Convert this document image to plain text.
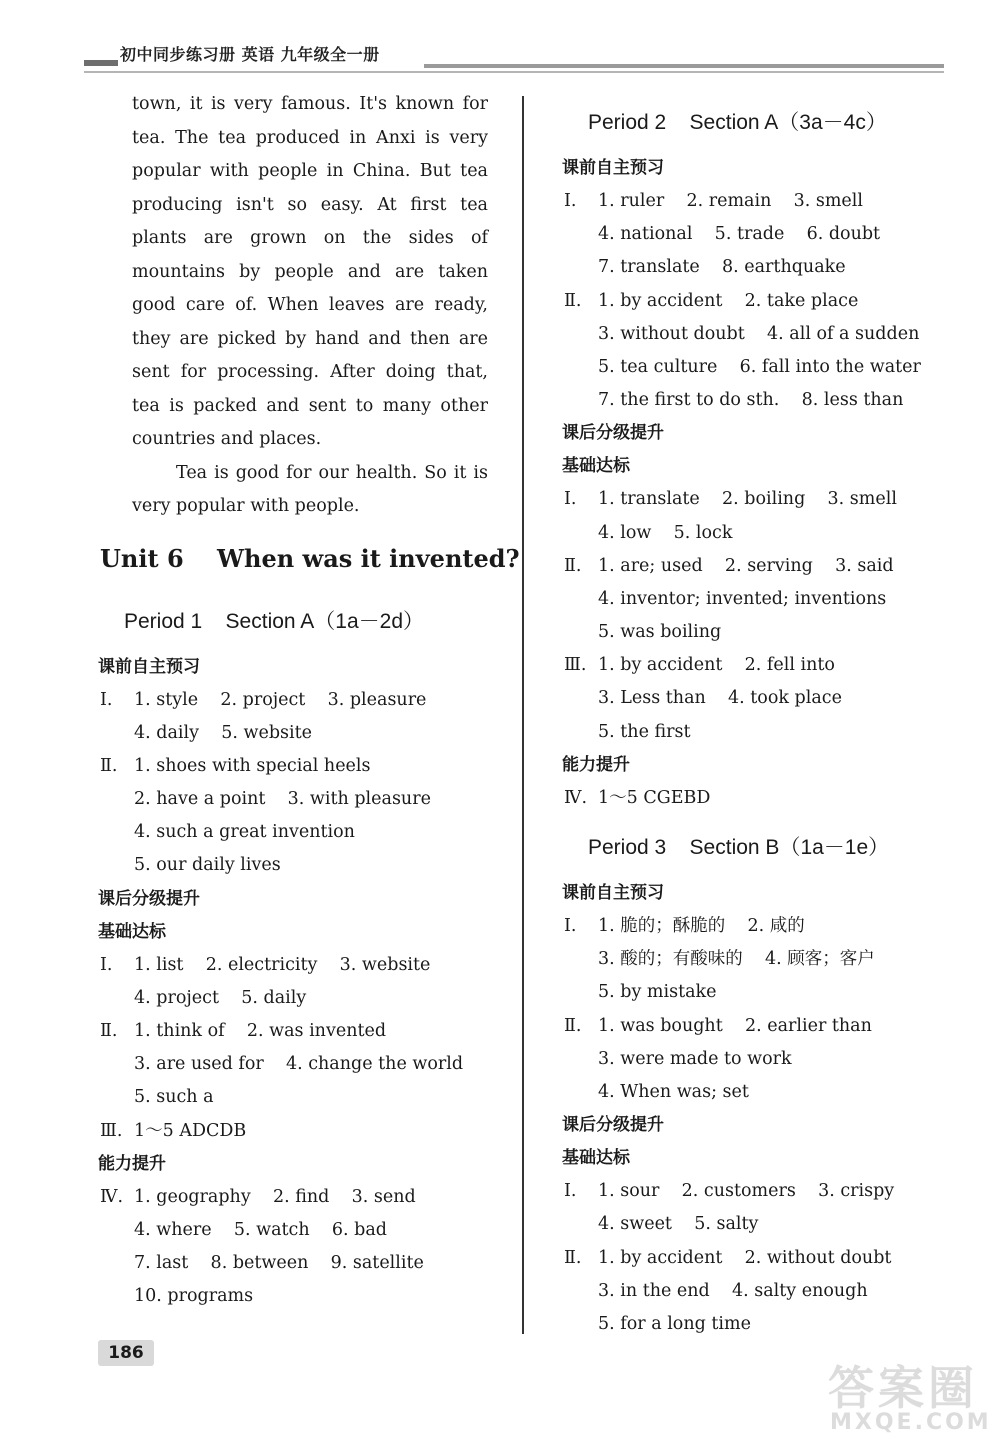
初中同步练习册 英语 九年级全一册

town, it is very famous. It's known for tea. The tea produced in Anxi is very popular with people in China. But tea producing isn't so easy. At first tea plants are grown on the sides of mountains by people and are taken good care of. When leaves are ready, they are picked by hand and then are sent for processing. After doing that, tea is packed and sent to many other countries and places.

Tea is good for our health. So it is very popular with people.

Unit 6    When was it invented?
Period 1    Section A（1a－2d）
课前自主预习
Ⅰ. 1. style    2. project    3. pleasure
4. daily    5. website
Ⅱ. 1. shoes with special heels
2. have a point    3. with pleasure
4. such a great invention
5. our daily lives
课后分级提升
基础达标
Ⅰ. 1. list    2. electricity    3. website
4. project    5. daily
Ⅱ. 1. think of    2. was invented
3. are used for    4. change the world
5. such a
Ⅲ. 1～5 ADCDB
能力提升
Ⅳ. 1. geography    2. find    3. send
4. where    5. watch    6. bad
7. last    8. between    9. satellite
10. programs
Period 2    Section A（3a－4c）
课前自主预习
Ⅰ. 1. ruler    2. remain    3. smell
4. national    5. trade    6. doubt
7. translate    8. earthquake
Ⅱ. 1. by accident    2. take place
3. without doubt    4. all of a sudden
5. tea culture    6. fall into the water
7. the first to do sth.    8. less than
课后分级提升
基础达标
Ⅰ. 1. translate    2. boiling    3. smell
4. low    5. lock
Ⅱ. 1. are; used    2. serving    3. said
4. inventor; invented; inventions
5. was boiling
Ⅲ. 1. by accident    2. fell into
3. Less than    4. took place
5. the first
能力提升
Ⅳ. 1～5 CGEBD
Period 3    Section B（1a－1e）
课前自主预习
Ⅰ. 1. 脆的；酥脆的    2. 咸的
3. 酸的；有酸味的    4. 顾客；客户
5. by mistake
Ⅱ. 1. was bought    2. earlier than
3. were made to work
4. When was; set
课后分级提升
基础达标
Ⅰ. 1. sour    2. customers    3. crispy
4. sweet    5. salty
Ⅱ. 1. by accident    2. without doubt
3. in the end    4. salty enough
5. for a long time
186
答案圈
MXQE.COM
